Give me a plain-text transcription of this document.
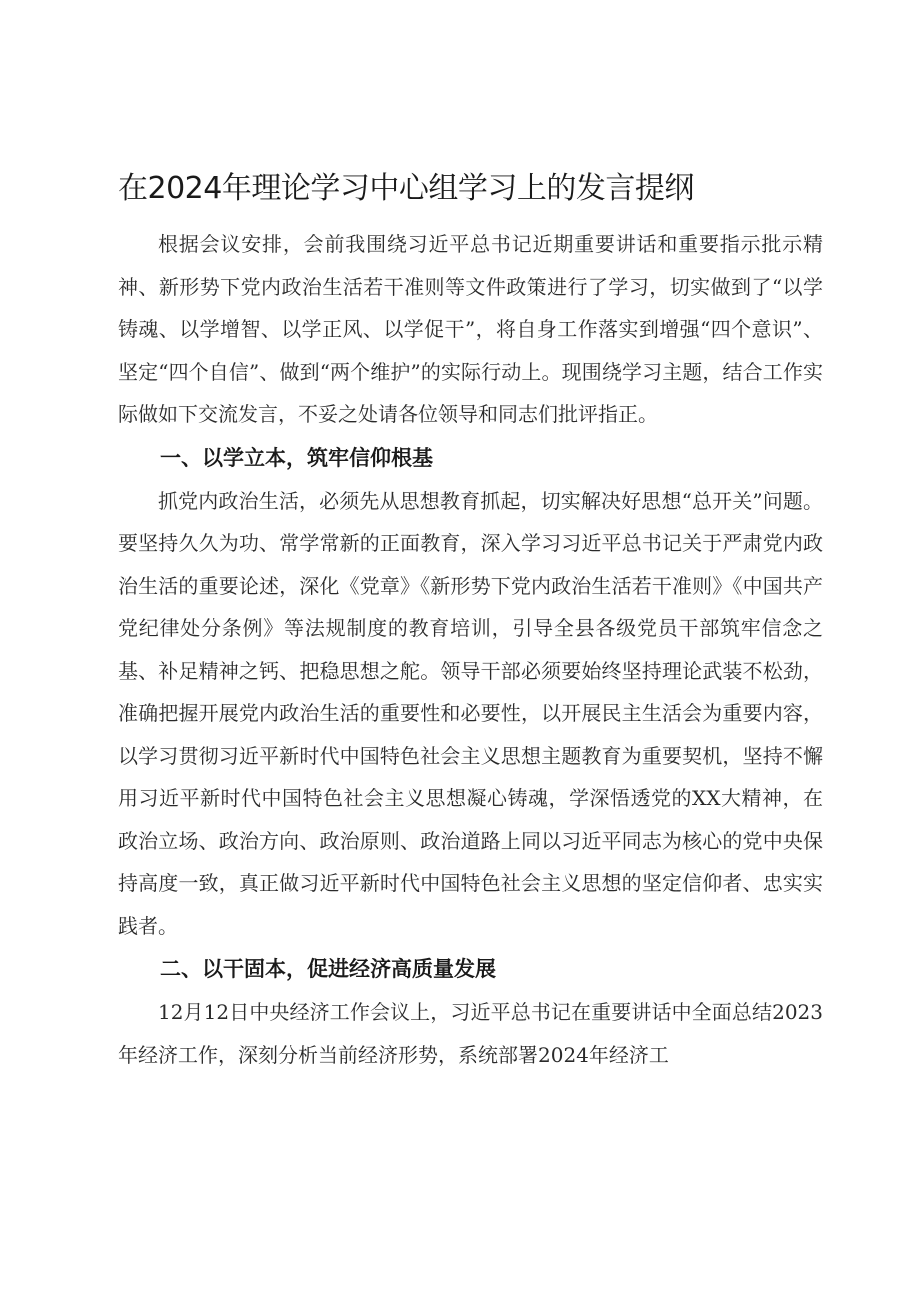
在2024年理论学习中心组学习上的发言提纲

根据会议安排，会前我围绕习近平总书记近期重要讲话和重要指示批示精神、新形势下党内政治生活若干准则等文件政策进行了学习，切实做到了“以学铸魂、以学增智、以学正风、以学促干”，将自身工作落实到增强“四个意识”、坚定“四个自信”、做到“两个维护”的实际行动上。现围绕学习主题，结合工作实际做如下交流发言，不妥之处请各位领导和同志们批评指正。

一、以学立本，筑牢信仰根基

抓党内政治生活，必须先从思想教育抓起，切实解决好思想“总开关”问题。要坚持久久为功、常学常新的正面教育，深入学习习近平总书记关于严肃党内政治生活的重要论述，深化《党章》《新形势下党内政治生活若干准则》《中国共产党纪律处分条例》等法规制度的教育培训，引导全县各级党员干部筑牢信念之基、补足精神之钙、把稳思想之舵。领导干部必须要始终坚持理论武装不松劲，准确把握开展党内政治生活的重要性和必要性，以开展民主生活会为重要内容，以学习贯彻习近平新时代中国特色社会主义思想主题教育为重要契机，坚持不懈用习近平新时代中国特色社会主义思想凝心铸魂，学深悟透党的XX大精神，在政治立场、政治方向、政治原则、政治道路上同以习近平同志为核心的党中央保持高度一致，真正做习近平新时代中国特色社会主义思想的坚定信仰者、忠实实践者。

二、以干固本，促进经济高质量发展

12月12日中央经济工作会议上，习近平总书记在重要讲话中全面总结2023年经济工作，深刻分析当前经济形势，系统部署2024年经济工
